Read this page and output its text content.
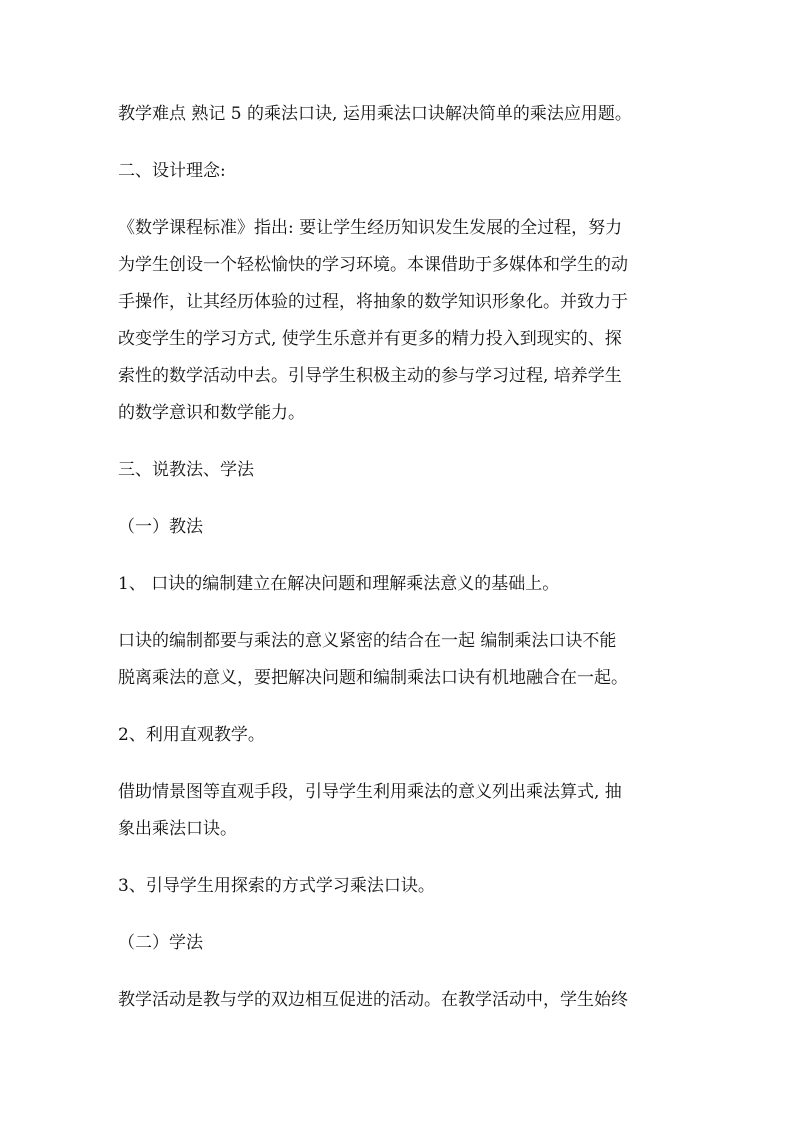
教学难点 熟记 5 的乘法口诀, 运用乘法口诀解决简单的乘法应用题。

二、设计理念:

《数学课程标准》指出: 要让学生经历知识发生发展的全过程，努力
为学生创设一个轻松愉快的学习环境。本课借助于多媒体和学生的动
手操作，让其经历体验的过程，将抽象的数学知识形象化。并致力于
改变学生的学习方式, 使学生乐意并有更多的精力投入到现实的、探
索性的数学活动中去。引导学生积极主动的参与学习过程, 培养学生
的数学意识和数学能力。

三、说教法、学法

（一）教法

1、 口诀的编制建立在解决问题和理解乘法意义的基础上。

口诀的编制都要与乘法的意义紧密的结合在一起 编制乘法口诀不能
脱离乘法的意义，要把解决问题和编制乘法口诀有机地融合在一起。

2、利用直观教学。

借助情景图等直观手段，引导学生利用乘法的意义列出乘法算式, 抽
象出乘法口诀。

3、引导学生用探索的方式学习乘法口诀。

（二）学法

教学活动是教与学的双边相互促进的活动。在教学活动中，学生始终
